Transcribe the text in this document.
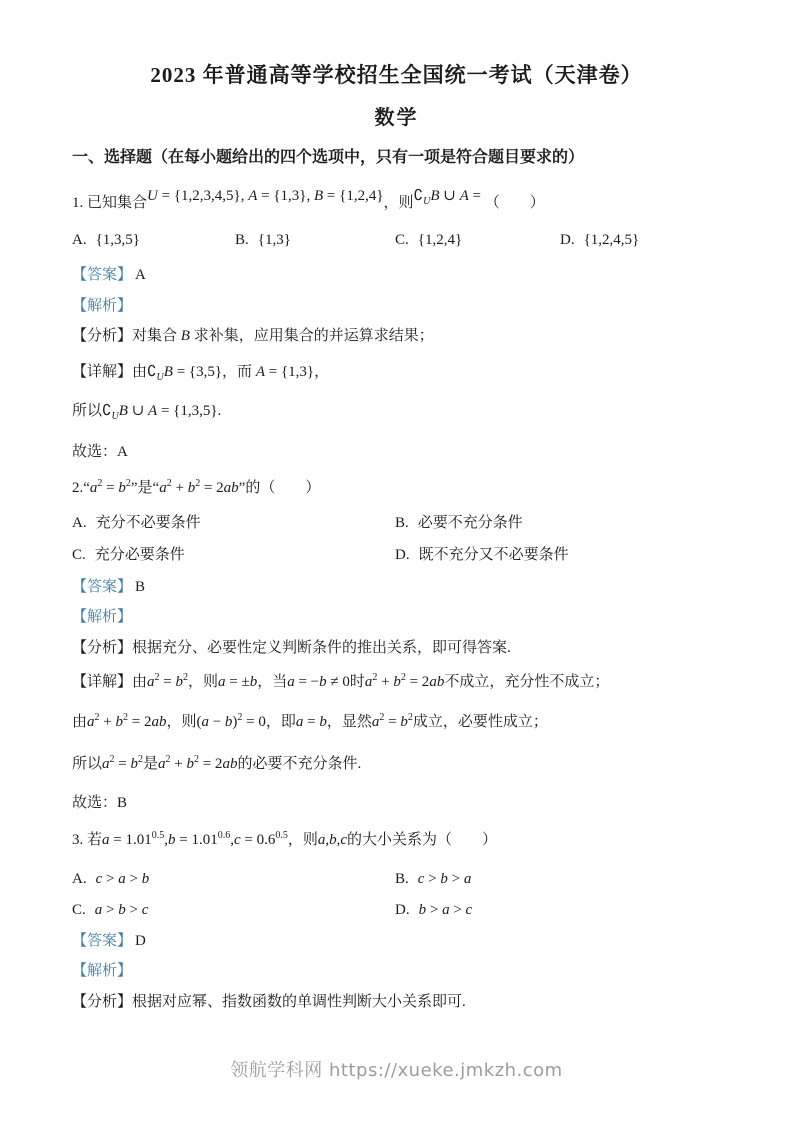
2023 年普通高等学校招生全国统一考试（天津卷）
数学
一、选择题（在每小题给出的四个选项中，只有一项是符合题目要求的）
1. 已知集合U = {1,2,3,4,5}, A = {1,3}, B = {1,2,4}，则$∁_UB$ ∪ A = （　　）
A. {1,3,5}	B. {1,3}	C. {1,2,4}	D. {1,2,4,5}
【答案】 A
【解析】
【分析】对集合 B 求补集，应用集合的并运算求结果；
【详解】由$∁_UB = \{3,5\}$，而 A = {1,3}，
所以$∁_UB$ ∪ A = {1,3,5}.
故选：A
$2.“a^2 = b^2$”是“$a^2 + b^2 = 2ab$”的（　　）
A. 充分不必要条件	B. 必要不充分条件
C. 充分必要条件	D. 既不充分又不必要条件
【答案】 B
【解析】
【分析】根据充分、必要性定义判断条件的推出关系，即可得答案.
【详解】由$a^2 = b^2$，则a = ±b，当a = −b ≠ 0时$a^2 + b^2 = 2ab$不成立，充分性不成立；
由$a^2 + b^2 = 2ab$，则$(a - b)^2 = 0$，即a = b，显然$a^2 = b^2$成立，必要性成立；
所以$a^2 = b^2$是$a^2 + b^2 = 2ab$的必要不充分条件.
故选：B
3. 若$a = 1.01^{0.5},b = 1.01^{0.6},c = 0.6^{0.5}$，则a,b,c的大小关系为（　　）
A. c > a > b	B. c > b > a
C. a > b > c	D. b > a > c
【答案】 D
【解析】
【分析】根据对应幂、指数函数的单调性判断大小关系即可.
领航学科网 https://xueke.jmkzh.com
